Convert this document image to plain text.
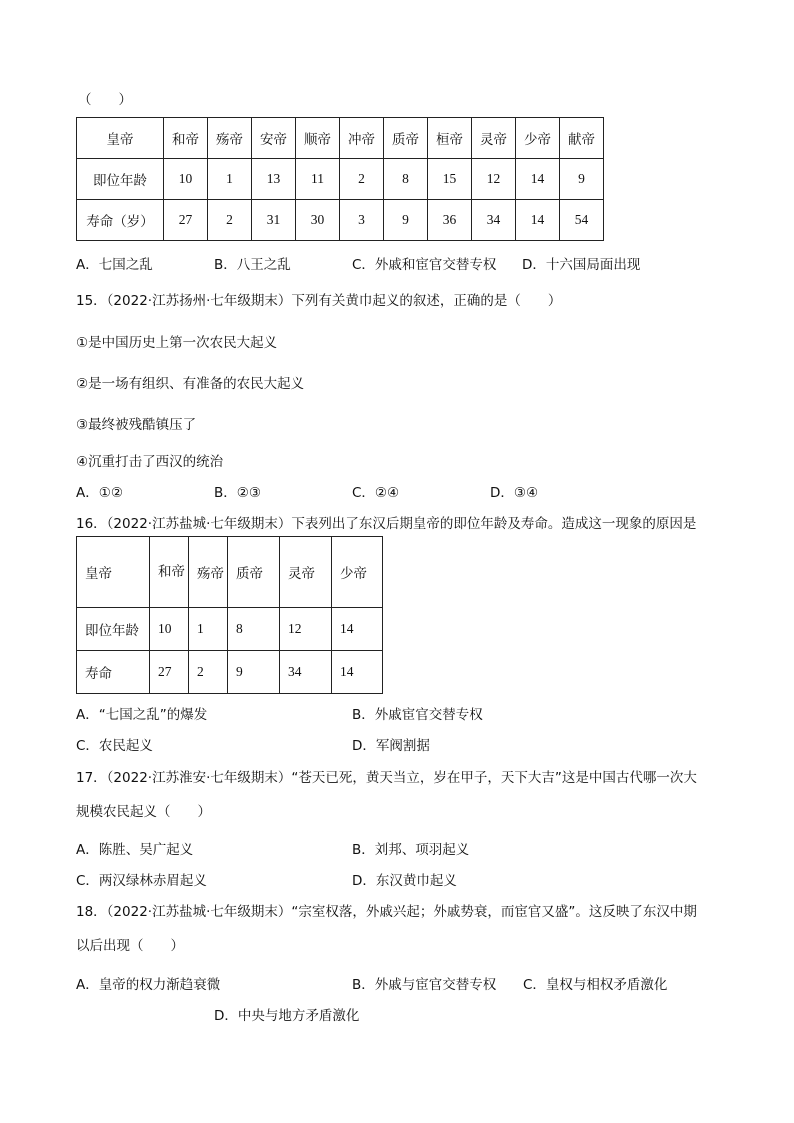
（　　）
皇帝	和帝	殇帝	安帝	顺帝	冲帝	质帝	桓帝	灵帝	少帝	献帝
即位年龄	10	1	13	11	2	8	15	12	14	9
寿命（岁）	27	2	31	30	3	9	36	34	14	54
A．七国之乱	B．八王之乱	C．外戚和宦官交替专权 D．十六国局面出现
15．（2022·江苏扬州·七年级期末）下列有关黄巾起义的叙述，正确的是（　　）
①是中国历史上第一次农民大起义
②是一场有组织、有准备的农民大起义
③最终被残酷镇压了
④沉重打击了西汉的统治
A．①②	B．②③	C．②④	D．③④
16．（2022·江苏盐城·七年级期末）下表列出了东汉后期皇帝的即位年龄及寿命。造成这一现象的原因是
皇帝	和帝	殇帝	质帝	灵帝	少帝
即位年龄	10	1	8	12	14
寿命	27	2	9	34	14
A．“七国之乱”的爆发	B．外戚宦官交替专权
C．农民起义	D．军阀割据
17．（2022·江苏淮安·七年级期末）“苍天已死，黄天当立，岁在甲子，天下大吉”这是中国古代哪一次大
规模农民起义（　　）
A．陈胜、吴广起义	B．刘邦、项羽起义
C．两汉绿林赤眉起义	D．东汉黄巾起义
18．（2022·江苏盐城·七年级期末）“宗室权落，外戚兴起；外戚势衰，而宦官又盛”。这反映了东汉中期
以后出现（　　）
A．皇帝的权力渐趋衰微	B．外戚与宦官交替专权 C．皇权与相权矛盾激化
D．中央与地方矛盾激化
